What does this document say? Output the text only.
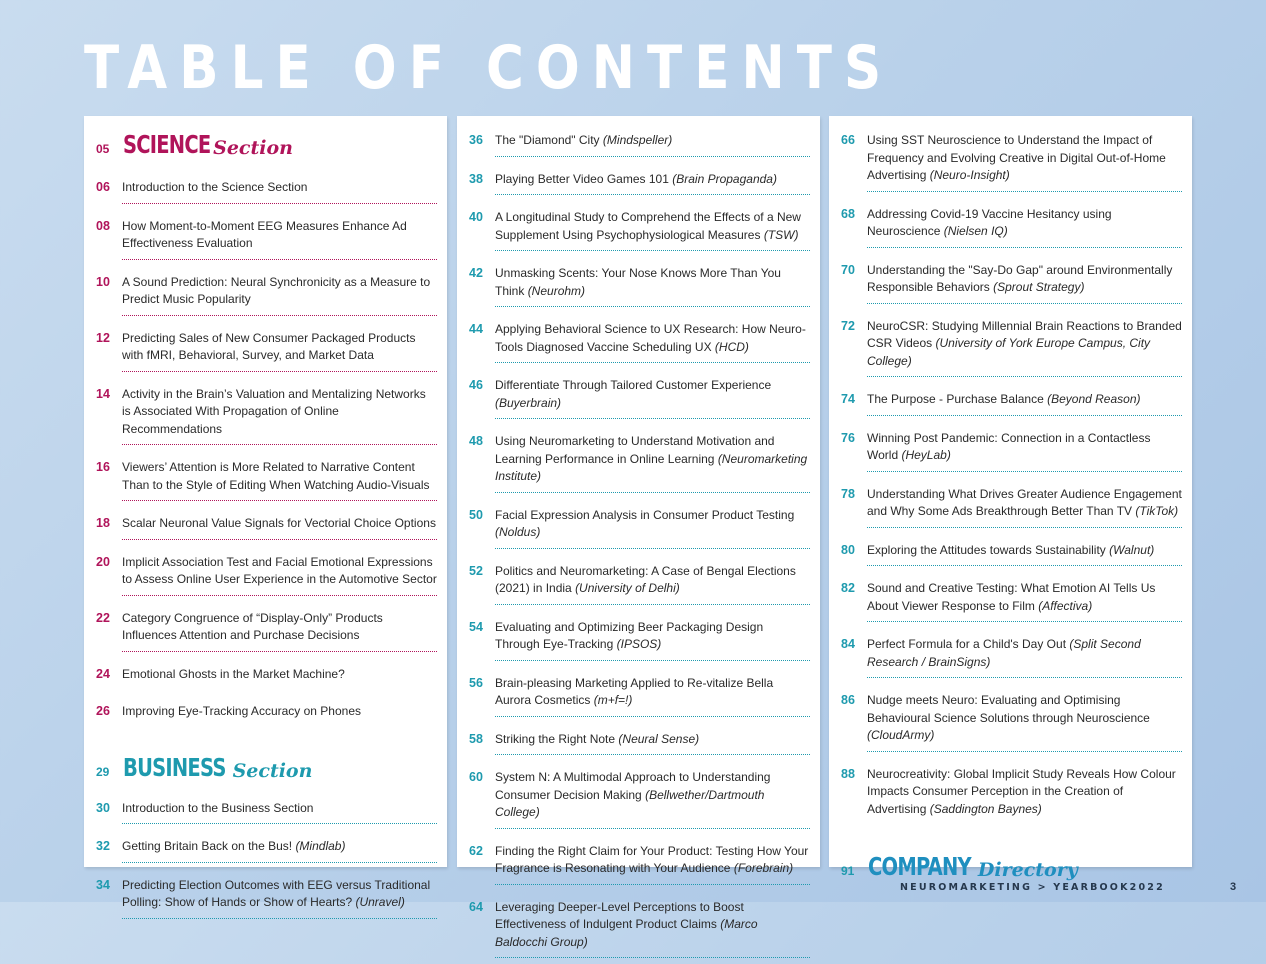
TABLE OF CONTENTS
05 SCIENCE Section
06	Introduction to the Science Section
08	How Moment-to-Moment EEG Measures Enhance Ad Effectiveness Evaluation
10	A Sound Prediction: Neural Synchronicity as a Measure to Predict Music Popularity
12	Predicting Sales of New Consumer Packaged Products with fMRI, Behavioral, Survey, and Market Data
14	Activity in the Brain’s Valuation and Mentalizing Networks is Associated With Propagation of Online Recommendations
16	Viewers’ Attention is More Related to Narrative Content Than to the Style of Editing When Watching Audio-Visuals
18	Scalar Neuronal Value Signals for Vectorial Choice Options
20	Implicit Association Test and Facial Emotional Expressions to Assess Online User Experience in the Automotive Sector
22	Category Congruence of “Display-Only” Products Influences Attention and Purchase Decisions
24	Emotional Ghosts in the Market Machine?
26	Improving Eye-Tracking Accuracy on Phones
29 BUSINESS Section
30	Introduction to the Business Section
32	Getting Britain Back on the Bus! (Mindlab)
34	Predicting Election Outcomes with EEG versus Traditional Polling: Show of Hands or Show of Hearts? (Unravel)
36	The "Diamond" City (Mindspeller)
38	Playing Better Video Games 101 (Brain Propaganda)
40	A Longitudinal Study to Comprehend the Effects of a New Supplement Using Psychophysiological Measures (TSW)
42	Unmasking Scents: Your Nose Knows More Than You Think (Neurohm)
44	Applying Behavioral Science to UX Research: How Neuro-Tools Diagnosed Vaccine Scheduling UX (HCD)
46	Differentiate Through Tailored Customer Experience (Buyerbrain)
48	Using Neuromarketing to Understand Motivation and Learning Performance in Online Learning (Neuromarketing Institute)
50	Facial Expression Analysis in Consumer Product Testing (Noldus)
52	Politics and Neuromarketing: A Case of Bengal Elections (2021) in India (University of Delhi)
54	Evaluating and Optimizing Beer Packaging Design Through Eye-Tracking (IPSOS)
56	Brain-pleasing Marketing Applied to Re-vitalize Bella Aurora Cosmetics (m+f=!)
58	Striking the Right Note (Neural Sense)
60	System N: A Multimodal Approach to Understanding Consumer Decision Making (Bellwether/Dartmouth College)
62	Finding the Right Claim for Your Product: Testing How Your Fragrance is Resonating with Your Audience (Forebrain)
64	Leveraging Deeper-Level Perceptions to Boost Effectiveness of Indulgent Product Claims (Marco Baldocchi Group)
66	Using SST Neuroscience to Understand the Impact of Frequency and Evolving Creative in Digital Out-of-Home Advertising (Neuro-Insight)
68	Addressing Covid-19 Vaccine Hesitancy using Neuroscience (Nielsen IQ)
70	Understanding the "Say-Do Gap" around Environmentally Responsible Behaviors (Sprout Strategy)
72	NeuroCSR: Studying Millennial Brain Reactions to Branded CSR Videos (University of York Europe Campus, City College)
74	The Purpose - Purchase Balance (Beyond Reason)
76	Winning Post Pandemic: Connection in a Contactless World (HeyLab)
78	Understanding What Drives Greater Audience Engagement and Why Some Ads Breakthrough Better Than TV (TikTok)
80	Exploring the Attitudes towards Sustainability (Walnut)
82	Sound and Creative Testing: What Emotion AI Tells Us About Viewer Response to Film (Affectiva)
84	Perfect Formula for a Child's Day Out (Split Second Research / BrainSigns)
86	Nudge meets Neuro: Evaluating and Optimising Behavioural Science Solutions through Neuroscience (CloudArmy)
88	Neurocreativity: Global Implicit Study Reveals How Colour Impacts Consumer Perception in the Creation of Advertising (Saddington Baynes)
91 COMPANY Directory
NEUROMARKETING > YEARBOOK2022	3
